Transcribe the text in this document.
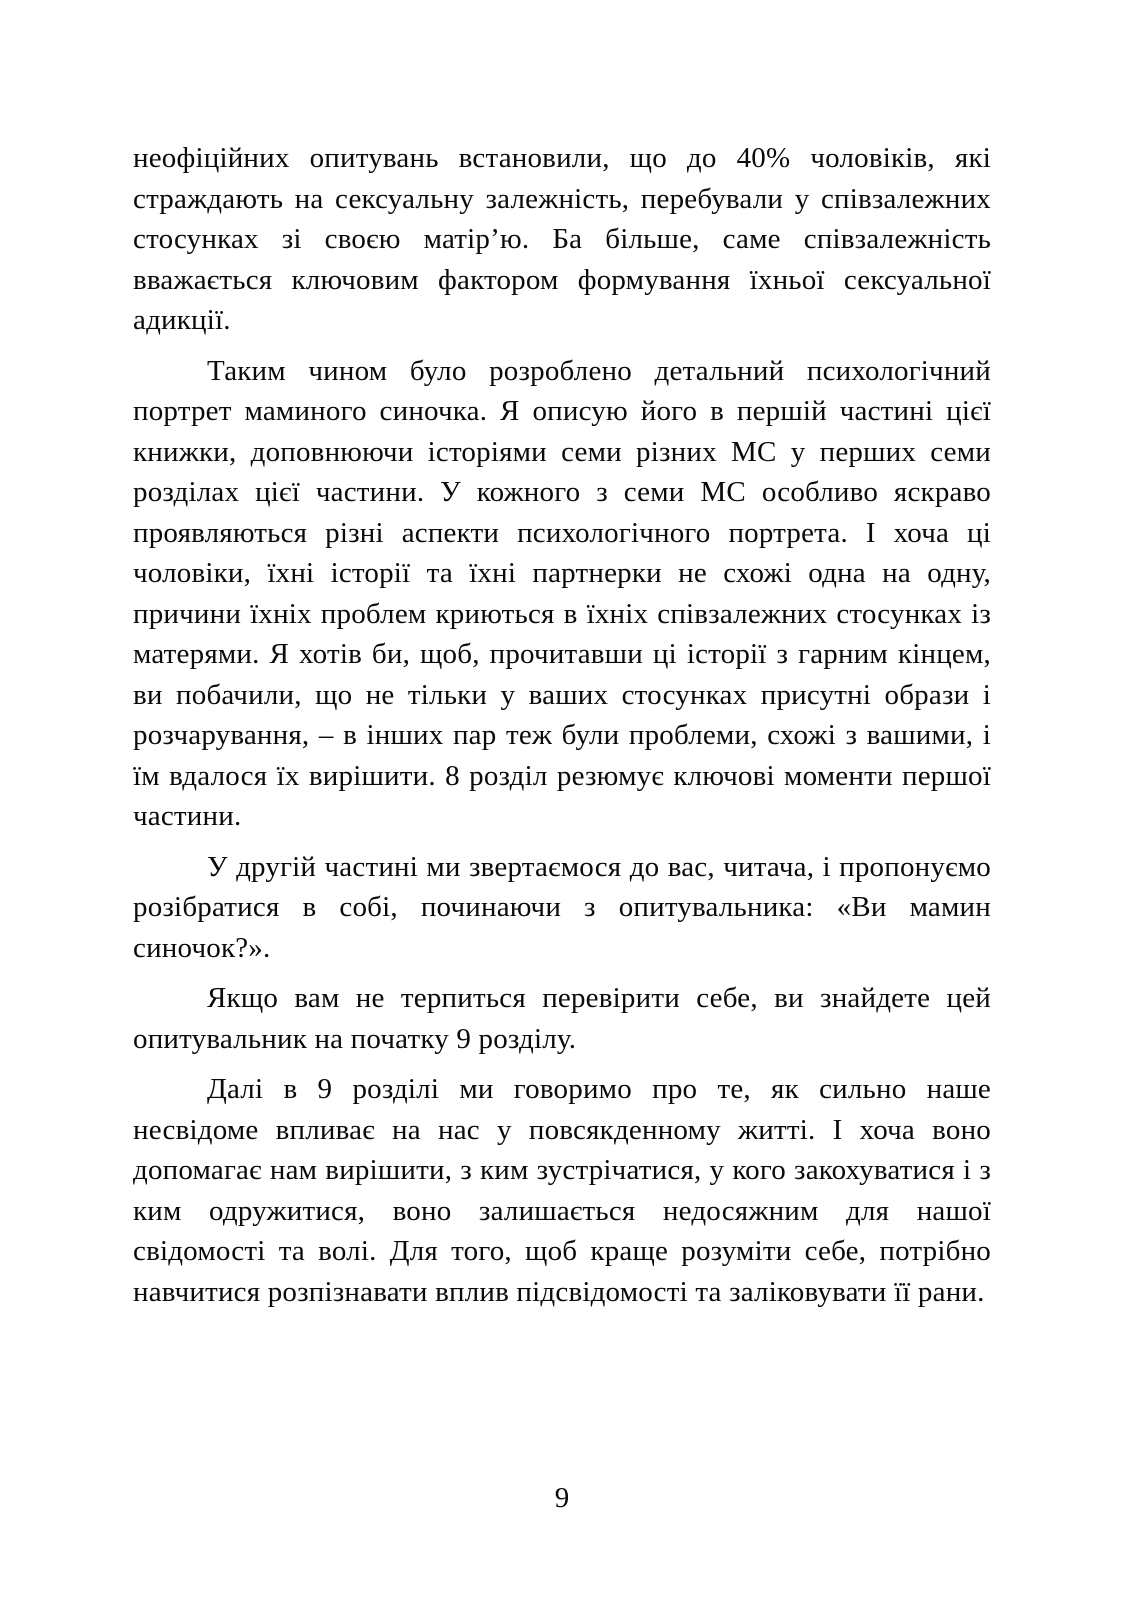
неофіційних опитувань встановили, що до 40% чоловіків, які страждають на сексуальну залежність, перебували у співзалежних стосунках зі своєю матір’ю. Ба більше, саме співзалежність вважається ключовим фактором формування їхньої сексуальної адикції.

Таким чином було розроблено детальний психологічний портрет маминого синочка. Я описую його в першій частині цієї книжки, доповнюючи історіями семи різних МС у перших семи розділах цієї частини. У кожного з семи МС особливо яскраво проявляються різні аспекти психологічного портрета. І хоча ці чоловіки, їхні історії та їхні партнерки не схожі одна на одну, причини їхніх проблем криються в їхніх співзалежних стосунках із матерями. Я хотів би, щоб, прочитавши ці історії з гарним кінцем, ви побачили, що не тільки у ваших стосунках присутні образи і розчарування, – в інших пар теж були проблеми, схожі з вашими, і їм вдалося їх вирішити. 8 розділ резюмує ключові моменти першої частини.

У другій частині ми звертаємося до вас, читача, і пропонуємо розібратися в собі, починаючи з опитувальника: «Ви мамин синочок?».

Якщо вам не терпиться перевірити себе, ви знайдете цей опитувальник на початку 9 розділу.

Далі в 9 розділі ми говоримо про те, як сильно наше несвідоме впливає на нас у повсякденному житті. І хоча воно допомагає нам вирішити, з ким зустрічатися, у кого закохуватися і з ким одружитися, воно залишається недосяжним для нашої свідомості та волі. Для того, щоб краще розуміти себе, потрібно навчитися розпізнавати вплив підсвідомості та заліковувати її рани.

9
